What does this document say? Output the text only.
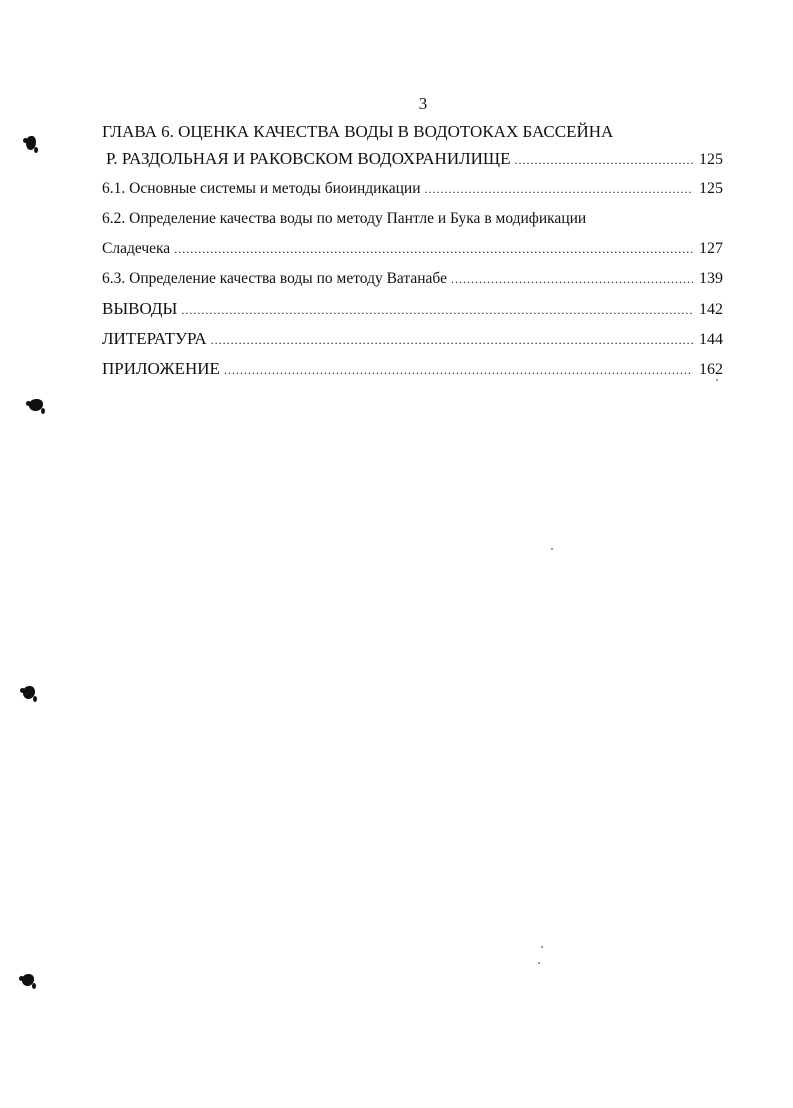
3
ГЛАВА 6. ОЦЕНКА КАЧЕСТВА ВОДЫ В ВОДОТОКАХ БАССЕЙНА
Р. РАЗДОЛЬНАЯ И РАКОВСКОМ ВОДОХРАНИЛИЩЕ .....	125
6.1. Основные системы и методы биоиндикации .....	125
6.2. Определение качества воды по методу Пантле и Бука в модификации
Сладечека .....	127
6.3. Определение качества воды по методу Ватанабе .....	139
ВЫВОДЫ .....	142
ЛИТЕРАТУРА .....	144
ПРИЛОЖЕНИЕ .....	162
